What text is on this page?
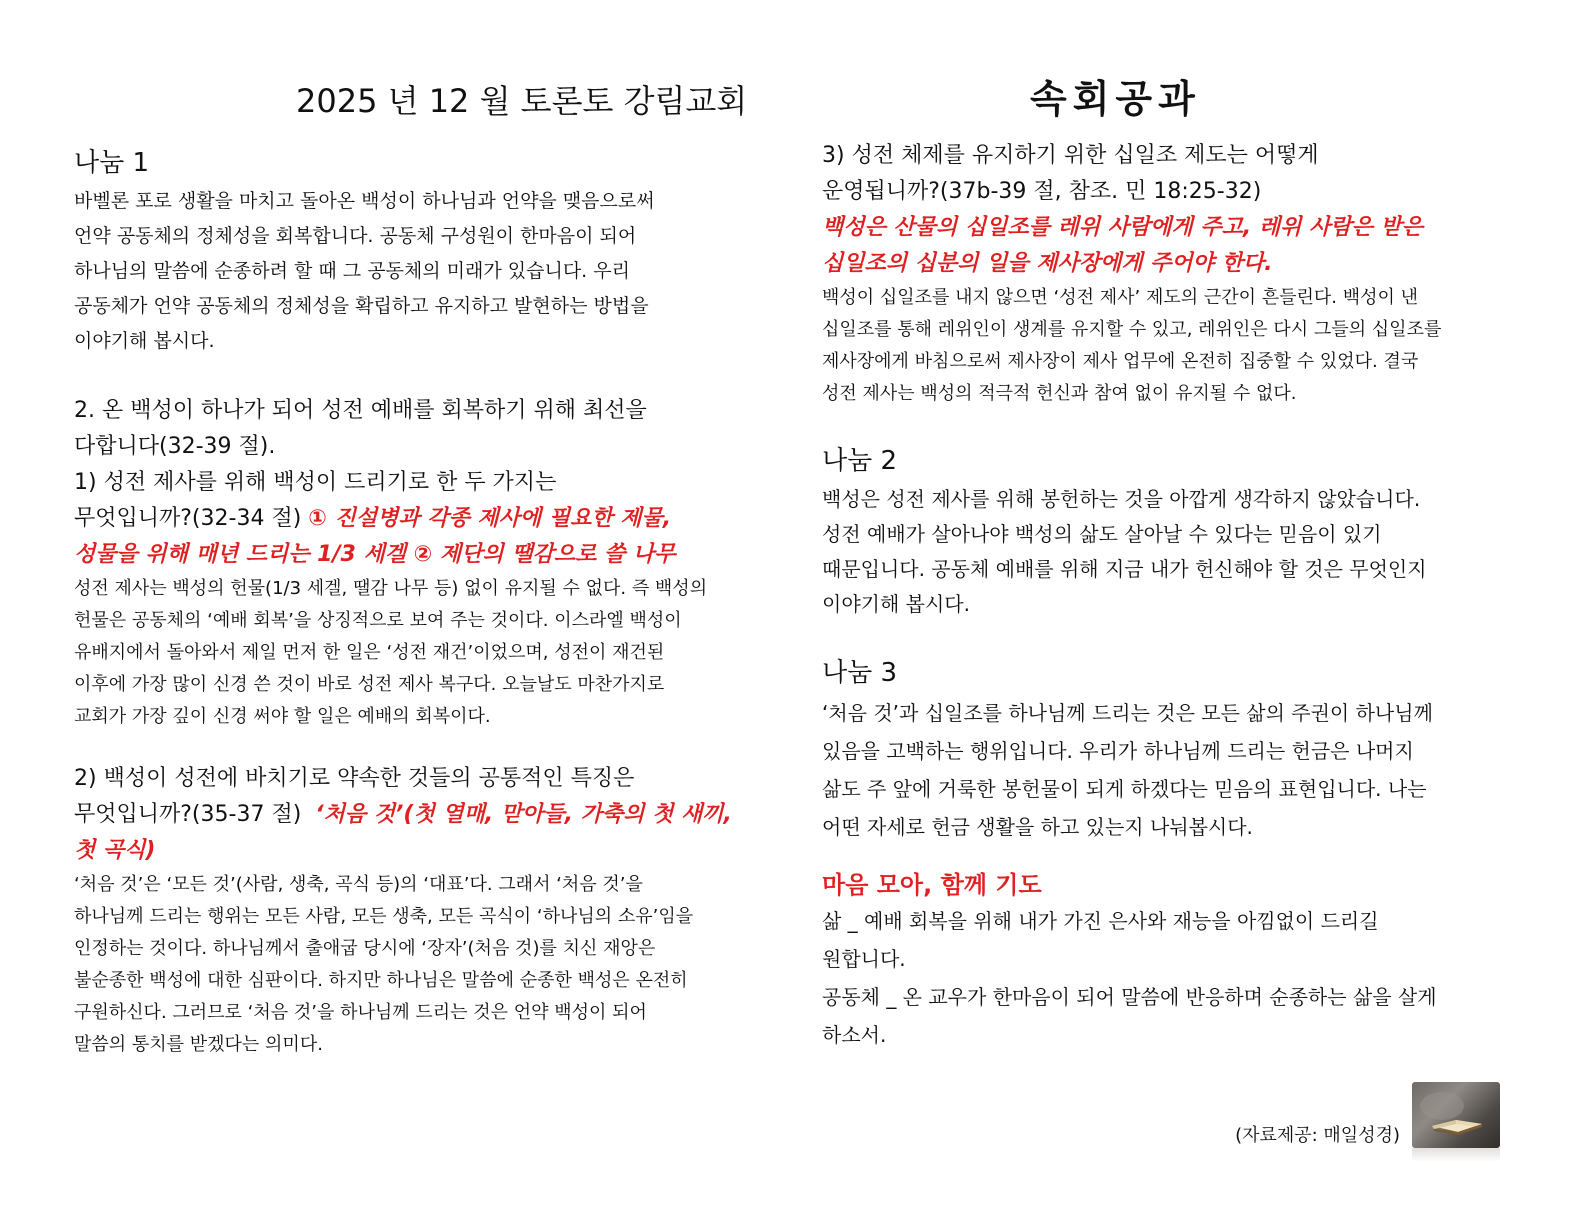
2025 년 12 월 토론토 강림교회	속회공과
나눔 1
바벨론 포로 생활을 마치고 돌아온 백성이 하나님과 언약을 맺음으로써
언약 공동체의 정체성을 회복합니다. 공동체 구성원이 한마음이 되어
하나님의 말씀에 순종하려 할 때 그 공동체의 미래가 있습니다. 우리
공동체가 언약 공동체의 정체성을 확립하고 유지하고 발현하는 방법을
이야기해 봅시다.
2. 온 백성이 하나가 되어 성전 예배를 회복하기 위해 최선을
다합니다(32-39 절).
1) 성전 제사를 위해 백성이 드리기로 한 두 가지는
무엇입니까?(32-34 절) ① 진설병과 각종 제사에 필요한 제물,
성물을 위해 매년 드리는 1/3 세겔 ② 제단의 땔감으로 쓸 나무
성전 제사는 백성의 헌물(1/3 세겔, 땔감 나무 등) 없이 유지될 수 없다. 즉 백성의
헌물은 공동체의 ‘예배 회복’을 상징적으로 보여 주는 것이다. 이스라엘 백성이
유배지에서 돌아와서 제일 먼저 한 일은 ‘성전 재건’이었으며, 성전이 재건된
이후에 가장 많이 신경 쓴 것이 바로 성전 제사 복구다. 오늘날도 마찬가지로
교회가 가장 깊이 신경 써야 할 일은 예배의 회복이다.
2) 백성이 성전에 바치기로 약속한 것들의 공통적인 특징은
무엇입니까?(35-37 절) ‘처음 것’(첫 열매, 맏아들, 가축의 첫 새끼,
첫 곡식)
‘처음 것’은 ‘모든 것’(사람, 생축, 곡식 등)의 ‘대표’다. 그래서 ‘처음 것’을
하나님께 드리는 행위는 모든 사람, 모든 생축, 모든 곡식이 ‘하나님의 소유’임을
인정하는 것이다. 하나님께서 출애굽 당시에 ‘장자’(처음 것)를 치신 재앙은
불순종한 백성에 대한 심판이다. 하지만 하나님은 말씀에 순종한 백성은 온전히
구원하신다. 그러므로 ‘처음 것’을 하나님께 드리는 것은 언약 백성이 되어
말씀의 통치를 받겠다는 의미다.
3) 성전 체제를 유지하기 위한 십일조 제도는 어떻게
운영됩니까?(37b-39 절, 참조. 민 18:25-32)
백성은 산물의 십일조를 레위 사람에게 주고, 레위 사람은 받은
십일조의 십분의 일을 제사장에게 주어야 한다.
백성이 십일조를 내지 않으면 ‘성전 제사’ 제도의 근간이 흔들린다. 백성이 낸
십일조를 통해 레위인이 생계를 유지할 수 있고, 레위인은 다시 그들의 십일조를
제사장에게 바침으로써 제사장이 제사 업무에 온전히 집중할 수 있었다. 결국
성전 제사는 백성의 적극적 헌신과 참여 없이 유지될 수 없다.
나눔 2
백성은 성전 제사를 위해 봉헌하는 것을 아깝게 생각하지 않았습니다.
성전 예배가 살아나야 백성의 삶도 살아날 수 있다는 믿음이 있기
때문입니다. 공동체 예배를 위해 지금 내가 헌신해야 할 것은 무엇인지
이야기해 봅시다.
나눔 3
‘처음 것’과 십일조를 하나님께 드리는 것은 모든 삶의 주권이 하나님께
있음을 고백하는 행위입니다. 우리가 하나님께 드리는 헌금은 나머지
삶도 주 앞에 거룩한 봉헌물이 되게 하겠다는 믿음의 표현입니다. 나는
어떤 자세로 헌금 생활을 하고 있는지 나눠봅시다.
마음 모아, 함께 기도
삶 _ 예배 회복을 위해 내가 가진 은사와 재능을 아낌없이 드리길
원합니다.
공동체 _ 온 교우가 한마음이 되어 말씀에 반응하며 순종하는 삶을 살게
하소서.
(자료제공: 매일성경)
